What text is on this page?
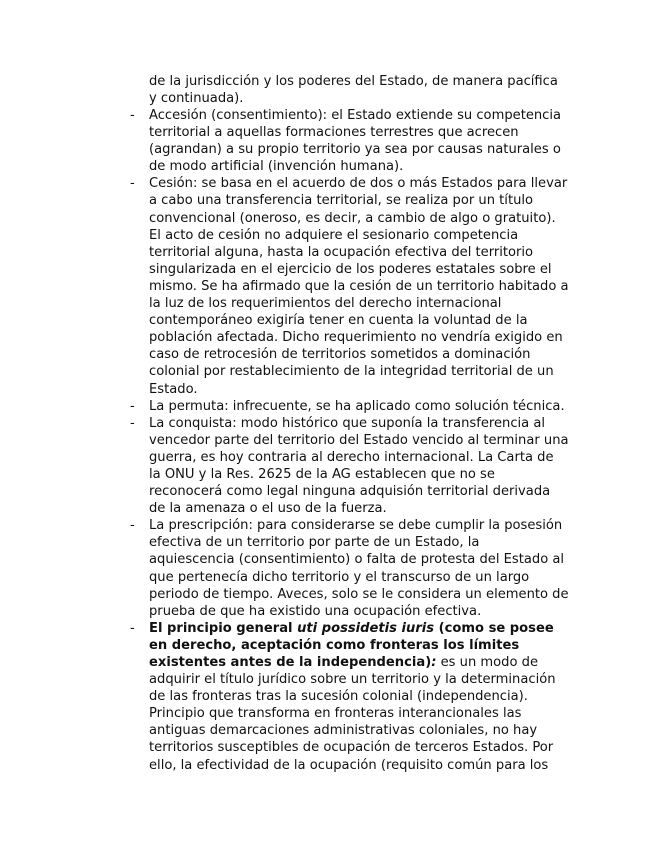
de la jurisdicción y los poderes del Estado, de manera pacífica y continuada).
- Accesión (consentimiento): el Estado extiende su competencia territorial a aquellas formaciones terrestres que acrecen (agrandan) a su propio territorio ya sea por causas naturales o de modo artificial (invención humana).
- Cesión: se basa en el acuerdo de dos o más Estados para llevar a cabo una transferencia territorial, se realiza por un título convencional (oneroso, es decir, a cambio de algo o gratuito). El acto de cesión no adquiere el sesionario competencia territorial alguna, hasta la ocupación efectiva del territorio singularizada en el ejercicio de los poderes estatales sobre el mismo. Se ha afirmado que la cesión de un territorio habitado a la luz de los requerimientos del derecho internacional contemporáneo exigiría tener en cuenta la voluntad de la población afectada. Dicho requerimiento no vendría exigido en caso de retrocesión de territorios sometidos a dominación colonial por restablecimiento de la integridad territorial de un Estado.
- La permuta: infrecuente, se ha aplicado como solución técnica.
- La conquista: modo histórico que suponía la transferencia al vencedor parte del territorio del Estado vencido al terminar una guerra, es hoy contraria al derecho internacional. La Carta de la ONU y la Res. 2625 de la AG establecen que no se reconocerá como legal ninguna adquisión territorial derivada de la amenaza o el uso de la fuerza.
- La prescripción: para considerarse se debe cumplir la posesión efectiva de un territorio por parte de un Estado, la aquiescencia (consentimiento) o falta de protesta del Estado al que pertenecía dicho territorio y el transcurso de un largo periodo de tiempo. Aveces, solo se le considera un elemento de prueba de que ha existido una ocupación efectiva.
- El principio general uti possidetis iuris (como se posee en derecho, aceptación como fronteras los límites existentes antes de la independencia): es un modo de adquirir el título jurídico sobre un territorio y la determinación de las fronteras tras la sucesión colonial (independencia). Principio que transforma en fronteras interancionales las antiguas demarcaciones administrativas coloniales, no hay territorios susceptibles de ocupación de terceros Estados. Por ello, la efectividad de la ocupación (requisito común para los
